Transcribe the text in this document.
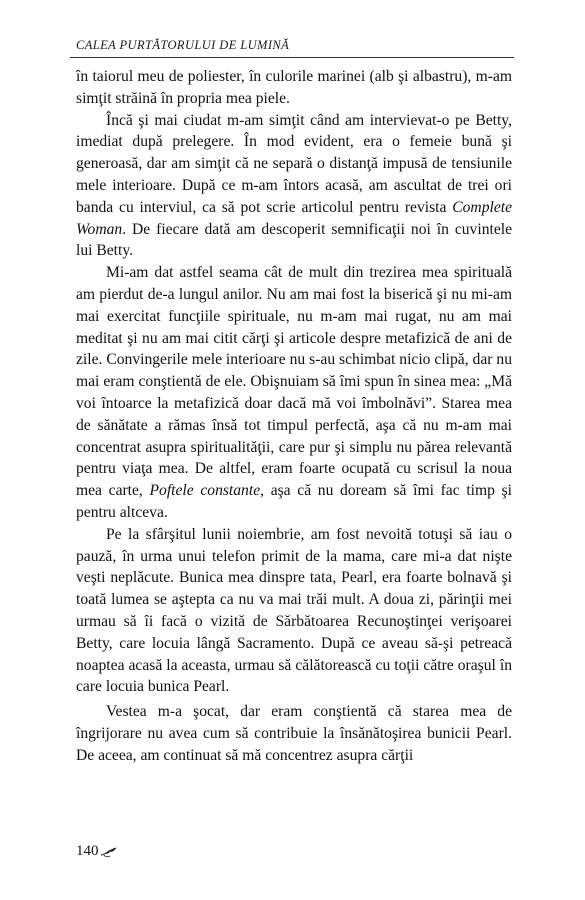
CALEA PURTĂTORULUI DE LUMINĂ

în taiorul meu de poliester, în culorile marinei (alb şi albastru), m-am simţit străină în propria mea piele.

Încă şi mai ciudat m-am simţit când am intervievat-o pe Betty, imediat după prelegere. În mod evident, era o femeie bună şi generoasă, dar am simţit că ne separă o distanţă impusă de tensiunile mele interioare. După ce m-am întors acasă, am ascultat de trei ori banda cu interviul, ca să pot scrie articolul pentru revista Complete Woman. De fiecare dată am descoperit semnificaţii noi în cuvintele lui Betty.

Mi-am dat astfel seama cât de mult din trezirea mea spirituală am pierdut de-a lungul anilor. Nu am mai fost la biserică şi nu mi-am mai exercitat funcţiile spirituale, nu m-am mai rugat, nu am mai meditat şi nu am mai citit cărţi şi articole despre metafizică de ani de zile. Convingerile mele interioare nu s-au schimbat nicio clipă, dar nu mai eram conştientă de ele. Obişnuiam să îmi spun în sinea mea: „Mă voi întoarce la metafizică doar dacă mă voi îmbolnăvi”. Starea mea de sănătate a rămas însă tot timpul perfectă, aşa că nu m-am mai concentrat asupra spiritualităţii, care pur şi simplu nu părea relevantă pentru viaţa mea. De altfel, eram foarte ocupată cu scrisul la noua mea carte, Poftele constante, aşa că nu doream să îmi fac timp şi pentru altceva.

Pe la sfârşitul lunii noiembrie, am fost nevoită totuşi să iau o pauză, în urma unui telefon primit de la mama, care mi-a dat nişte veşti neplăcute. Bunica mea dinspre tata, Pearl, era foarte bolnavă şi toată lumea se aştepta ca nu va mai trăi mult. A doua zi, părinţii mei urmau să îi facă o vizită de Sărbătoarea Recunoştinţei verişoarei Betty, care locuia lângă Sacramento. După ce aveau să-şi petreacă noaptea acasă la aceasta, urmau să călătorească cu toţii către oraşul în care locuia bunica Pearl.

Vestea m-a şocat, dar eram conştientă că starea mea de îngrijorare nu avea cum să contribuie la însănătoşirea bunicii Pearl. De aceea, am continuat să mă concentrez asupra cărţii

140
